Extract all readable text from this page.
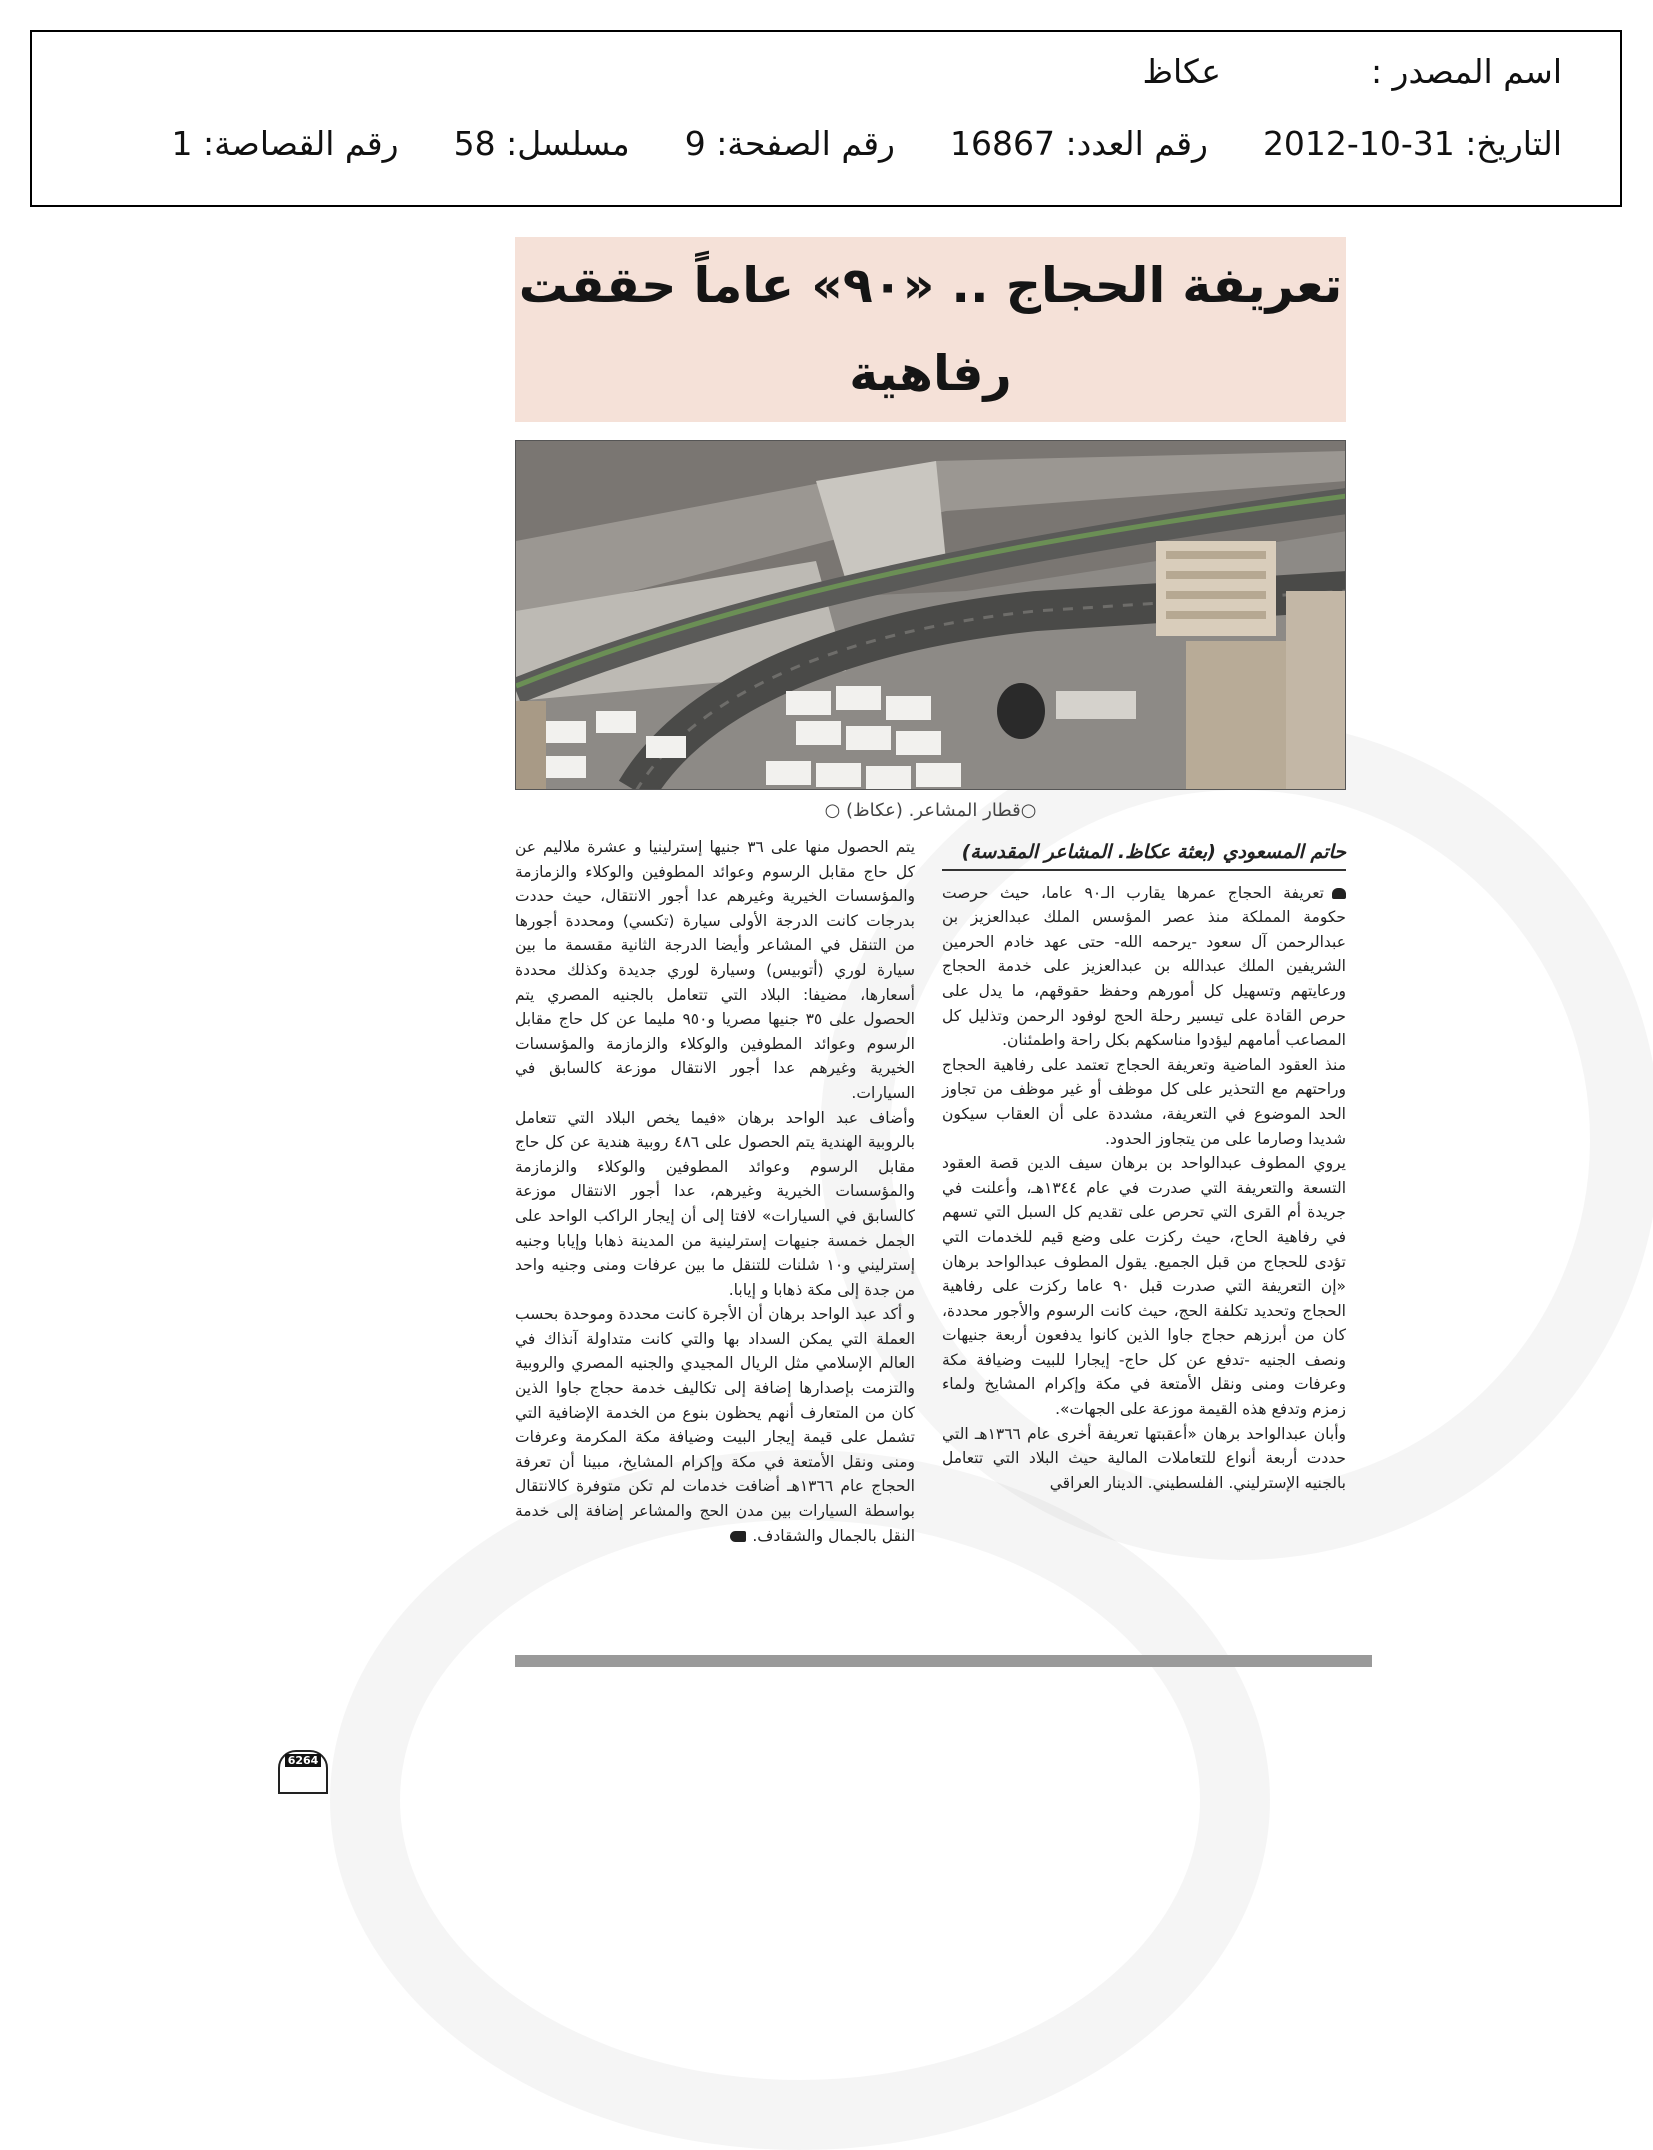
اسم المصدر :
عكاظ
التاريخ: 2012-10-31
رقم العدد: 16867
رقم الصفحة: 9
مسلسل: 58
رقم القصاصة: 1
تعريفة الحجاج .. «٩٠» عاماً حققت رفاهية
○قطار المشاعر. (عكاظ) ○
حاتم المسعودي (بعثة عكاظ. المشاعر المقدسة)

تعريفة الحجاج عمرها يقارب الـ٩٠ عاما، حيث حرصت حكومة المملكة منذ عصر المؤسس الملك عبدالعزيز بن عبدالرحمن آل سعود -يرحمه الله- حتى عهد خادم الحرمين الشريفين الملك عبدالله بن عبدالعزيز على خدمة الحجاج ورعايتهم وتسهيل كل أمورهم وحفظ حقوقهم، ما يدل على حرص القادة على تيسير رحلة الحج لوفود الرحمن وتذليل كل المصاعب أمامهم ليؤدوا مناسكهم بكل راحة واطمئنان.

منذ العقود الماضية وتعريفة الحجاج تعتمد على رفاهية الحجاج وراحتهم مع التحذير على كل موظف أو غير موظف من تجاوز الحد الموضوع في التعريفة، مشددة على أن العقاب سيكون شديدا وصارما على من يتجاوز الحدود.

يروي المطوف عبدالواحد بن برهان سيف الدين قصة العقود التسعة والتعريفة التي صدرت في عام ١٣٤٤هـ، وأعلنت في جريدة أم القرى التي تحرص على تقديم كل السبل التي تسهم في رفاهية الحاج، حيث ركزت على وضع قيم للخدمات التي تؤدى للحجاج من قبل الجميع. يقول المطوف عبدالواحد برهان «إن التعريفة التي صدرت قبل ٩٠ عاما ركزت على رفاهية الحجاج وتحديد تكلفة الحج، حيث كانت الرسوم والأجور محددة، كان من أبرزهم حجاج جاوا الذين كانوا يدفعون أربعة جنيهات ونصف الجنيه -تدفع عن كل حاج- إيجارا للبيت وضيافة مكة وعرفات ومنى ونقل الأمتعة في مكة وإكرام المشايخ ولماء زمزم وتدفع هذه القيمة موزعة على الجهات».

وأبان عبدالواحد برهان «أعقبتها تعريفة أخرى عام ١٣٦٦هـ التي حددت أربعة أنواع للتعاملات المالية حيث البلاد التي تتعامل بالجنيه الإسترليني. الفلسطيني. الدينار العراقي

يتم الحصول منها على ٣٦ جنيها إسترلينيا و عشرة ملاليم عن كل حاج مقابل الرسوم وعوائد المطوفين والوكلاء والزمازمة والمؤسسات الخيرية وغيرهم عدا أجور الانتقال، حيث حددت بدرجات كانت الدرجة الأولى سيارة (تكسي) ومحددة أجورها من التنقل في المشاعر وأيضا الدرجة الثانية مقسمة ما بين سيارة لوري (أتوبيس) وسيارة لوري جديدة وكذلك محددة أسعارها، مضيفا: البلاد التي تتعامل بالجنيه المصري يتم الحصول على ٣٥ جنيها مصريا و٩٥٠ مليما عن كل حاج مقابل الرسوم وعوائد المطوفين والوكلاء والزمازمة والمؤسسات الخيرية وغيرهم عدا أجور الانتقال موزعة كالسابق في السيارات.

وأضاف عبد الواحد برهان «فيما يخص البلاد التي تتعامل بالروبية الهندية يتم الحصول على ٤٨٦ روبية هندية عن كل حاج مقابل الرسوم وعوائد المطوفين والوكلاء والزمازمة والمؤسسات الخيرية وغيرهم، عدا أجور الانتقال موزعة كالسابق في السيارات» لافتا إلى أن إيجار الراكب الواحد على الجمل خمسة جنيهات إسترلينية من المدينة ذهابا وإيابا وجنيه إسترليني و١٠ شلنات للتنقل ما بين عرفات ومنى وجنيه واحد من جدة إلى مكة ذهابا و إيابا.

و أكد عبد الواحد برهان أن الأجرة كانت محددة وموحدة بحسب العملة التي يمكن السداد بها والتي كانت متداولة آنذاك في العالم الإسلامي مثل الريال المجيدي والجنيه المصري والروبية والتزمت بإصدارها إضافة إلى تكاليف خدمة حجاج جاوا الذين كان من المتعارف أنهم يحظون بنوع من الخدمة الإضافية التي تشمل على قيمة إيجار البيت وضيافة مكة المكرمة وعرفات ومنى ونقل الأمتعة في مكة وإكرام المشايخ، مبينا أن تعرفة الحجاج عام ١٣٦٦هـ أضافت خدمات لم تكن متوفرة كالانتقال بواسطة السيارات بين مدن الحج والمشاعر إضافة إلى خدمة النقل بالجمال والشقادف.

6264
